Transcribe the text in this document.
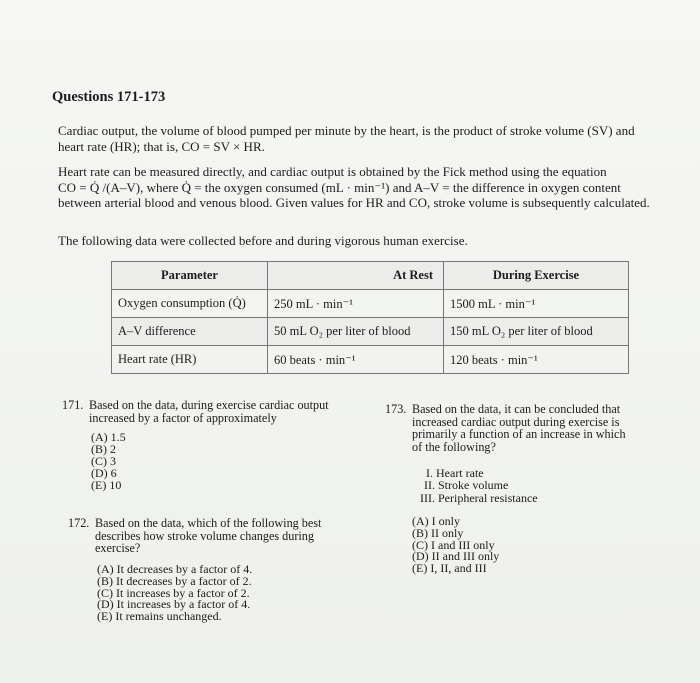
Questions 171-173
Cardiac output, the volume of blood pumped per minute by the heart, is the product of stroke volume (SV) and
heart rate (HR); that is, CO = SV × HR.
Heart rate can be measured directly, and cardiac output is obtained by the Fick method using the equation
CO = Q̇ /(A–V), where Q̇ = the oxygen consumed (mL · min⁻¹) and A–V = the difference in oxygen content
between arterial blood and venous blood. Given values for HR and CO, stroke volume is subsequently calculated.
The following data were collected before and during vigorous human exercise.
Parameter	At Rest	During Exercise
Oxygen consumption (Q̇)	250 mL · min⁻¹	1500 mL · min⁻¹
A–V difference	50 mL O₂ per liter of blood	150 mL O₂ per liter of blood
Heart rate (HR)	60 beats · min⁻¹	120 beats · min⁻¹
171. Based on the data, during exercise cardiac output
increased by a factor of approximately
(A) 1.5
(B) 2
(C) 3
(D) 6
(E) 10
172. Based on the data, which of the following best
describes how stroke volume changes during
exercise?
(A) It decreases by a factor of 4.
(B) It decreases by a factor of 2.
(C) It increases by a factor of 2.
(D) It increases by a factor of 4.
(E) It remains unchanged.
173. Based on the data, it can be concluded that
increased cardiac output during exercise is
primarily a function of an increase in which
of the following?
I. Heart rate
II. Stroke volume
III. Peripheral resistance
(A) I only
(B) II only
(C) I and III only
(D) II and III only
(E) I, II, and III
